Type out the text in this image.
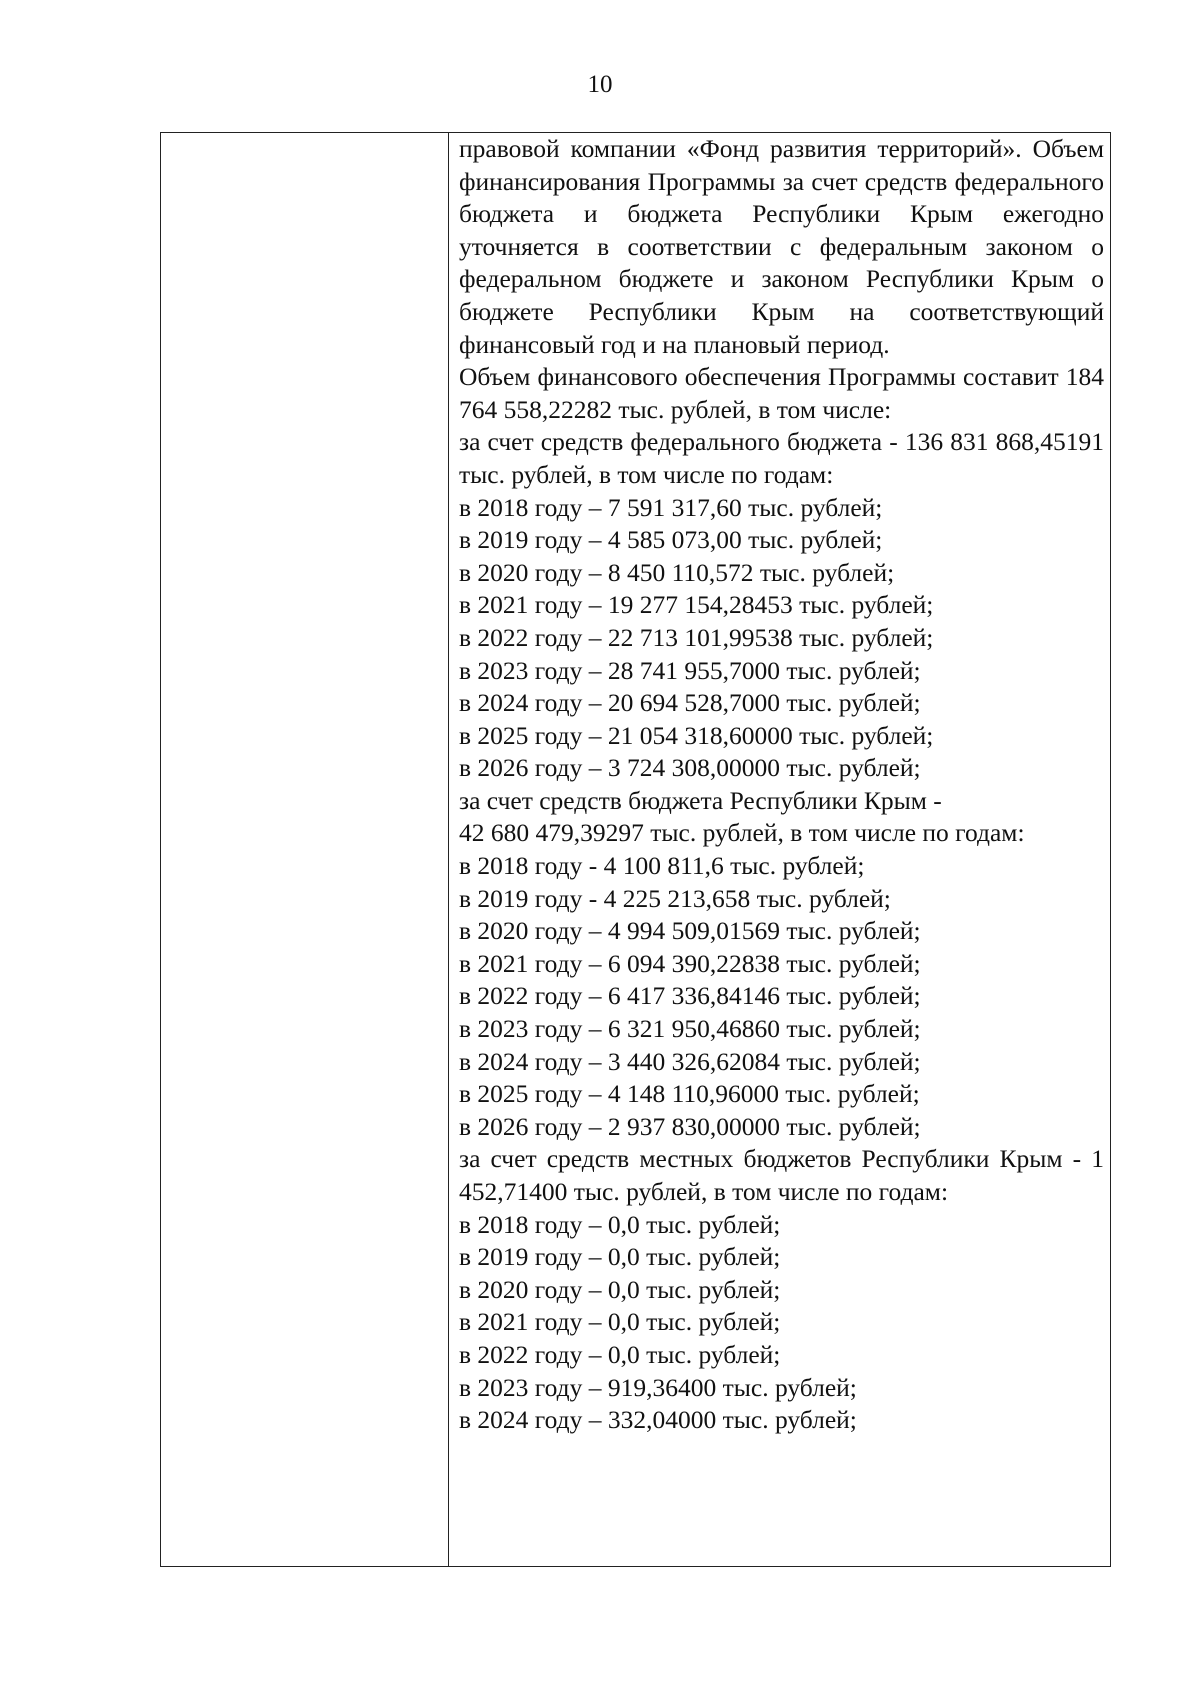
10

правовой компании «Фонд развития территорий». Объем финансирования Программы за счет средств федерального бюджета и бюджета Республики Крым ежегодно уточняется в соответствии с федеральным законом о федеральном бюджете и законом Республики Крым о бюджете Республики Крым на соответствующий финансовый год и на плановый период.

Объем финансового обеспечения Программы составит 184 764 558,22282 тыс. рублей, в том числе:

за счет средств федерального бюджета - 136 831 868,45191 тыс. рублей, в том числе по годам:

в 2018 году – 7 591 317,60 тыс. рублей;

в 2019 году – 4 585 073,00 тыс. рублей;

в 2020 году – 8 450 110,572 тыс. рублей;

в 2021 году – 19 277 154,28453 тыс. рублей;

в 2022 году – 22 713 101,99538 тыс. рублей;

в 2023 году – 28 741 955,7000 тыс. рублей;

в 2024 году – 20 694 528,7000 тыс. рублей;

в 2025 году – 21 054 318,60000 тыс. рублей;

в 2026 году – 3 724 308,00000 тыс. рублей;

за счет средств бюджета Республики Крым -

42 680 479,39297 тыс. рублей, в том числе по годам:

в 2018 году - 4 100 811,6 тыс. рублей;

в 2019 году - 4 225 213,658 тыс. рублей;

в 2020 году – 4 994 509,01569 тыс. рублей;

в 2021 году – 6 094 390,22838 тыс. рублей;

в 2022 году – 6 417 336,84146 тыс. рублей;

в 2023 году – 6 321 950,46860 тыс. рублей;

в 2024 году – 3 440 326,62084 тыс. рублей;

в 2025 году – 4 148 110,96000 тыс. рублей;

в 2026 году – 2 937 830,00000 тыс. рублей;

за счет средств местных бюджетов Республики Крым - 1 452,71400 тыс. рублей, в том числе по годам:

в 2018 году – 0,0 тыс. рублей;

в 2019 году – 0,0 тыс. рублей;

в 2020 году – 0,0 тыс. рублей;

в 2021 году – 0,0 тыс. рублей;

в 2022 году – 0,0 тыс. рублей;

в 2023 году – 919,36400 тыс. рублей;

в 2024 году – 332,04000 тыс. рублей;
